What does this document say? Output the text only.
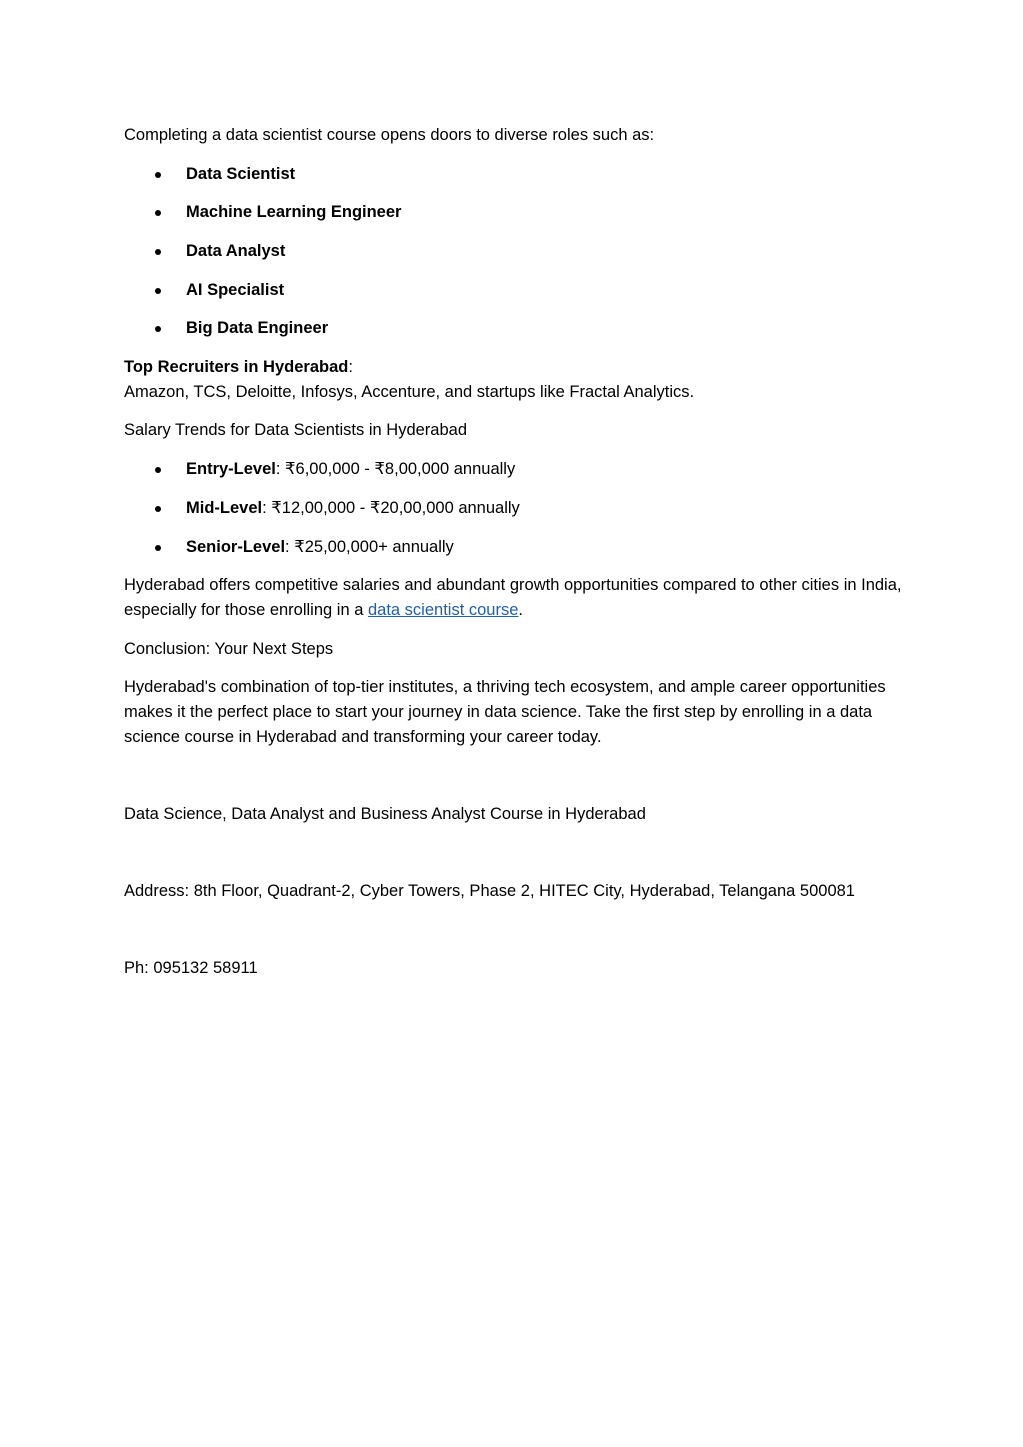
Completing a data scientist course opens doors to diverse roles such as:

Data Scientist
Machine Learning Engineer
Data Analyst
AI Specialist
Big Data Engineer

Top Recruiters in Hyderabad:

Amazon, TCS, Deloitte, Infosys, Accenture, and startups like Fractal Analytics.

Salary Trends for Data Scientists in Hyderabad

Entry-Level: ₹6,00,000 - ₹8,00,000 annually
Mid-Level: ₹12,00,000 - ₹20,00,000 annually
Senior-Level: ₹25,00,000+ annually

Hyderabad offers competitive salaries and abundant growth opportunities compared to other cities in India, especially for those enrolling in a data scientist course.

Conclusion: Your Next Steps

Hyderabad's combination of top-tier institutes, a thriving tech ecosystem, and ample career opportunities makes it the perfect place to start your journey in data science. Take the first step by enrolling in a data science course in Hyderabad and transforming your career today.

Data Science, Data Analyst and Business Analyst Course in Hyderabad

Address: 8th Floor, Quadrant-2, Cyber Towers, Phase 2, HITEC City, Hyderabad, Telangana 500081

Ph: 095132 58911
